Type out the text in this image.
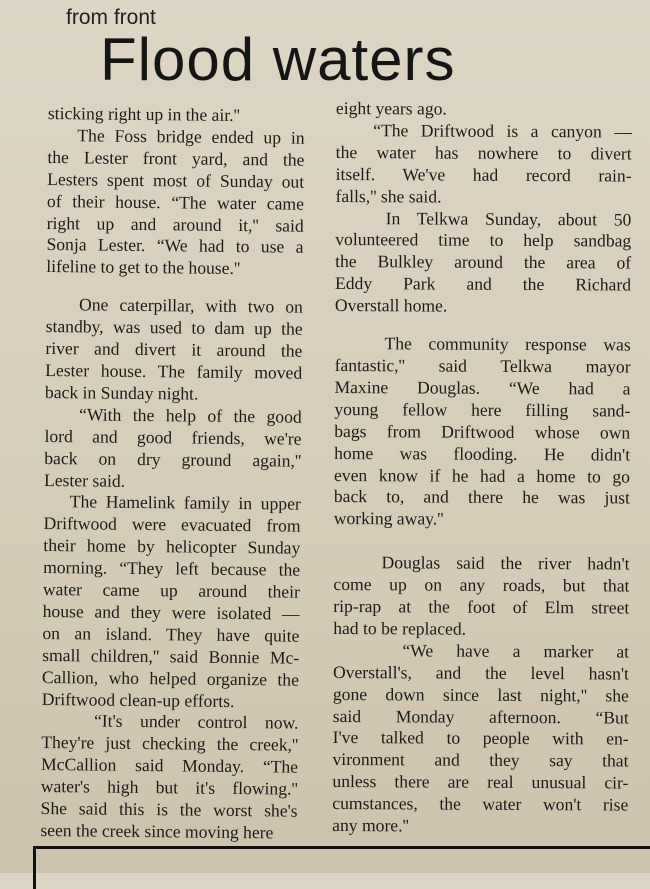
from front
Flood waters

sticking right up in the air.''

The Foss bridge ended up in

the Lester front yard, and the

Lesters spent most of Sunday out

of their house. “The water came

right up and around it,'' said

Sonja Lester. “We had to use a

lifeline to get to the house.''

One caterpillar, with two on

standby, was used to dam up the

river and divert it around the

Lester house. The family moved

back in Sunday night.

“With the help of the good

lord and good friends, we're

back on dry ground again,''

Lester said.

The Hamelink family in upper

Driftwood were evacuated from

their home by helicopter Sunday

morning. “They left because the

water came up around their

house and they were isolated —

on an island. They have quite

small children,'' said Bonnie Mc-

Callion, who helped organize the

Driftwood clean-up efforts.

“It's under control now.

They're just checking the creek,''

McCallion said Monday. “The

water's high but it's flowing.''

She said this is the worst she's

seen the creek since moving here

eight years ago.

“The Driftwood is a canyon —

the water has nowhere to divert

itself. We've had record rain-

falls,'' she said.

In Telkwa Sunday, about 50

volunteered time to help sandbag

the Bulkley around the area of

Eddy Park and the Richard

Overstall home.

The community response was

fantastic,'' said Telkwa mayor

Maxine Douglas. “We had a

young fellow here filling sand-

bags from Driftwood whose own

home was flooding. He didn't

even know if he had a home to go

back to, and there he was just

working away.''

Douglas said the river hadn't

come up on any roads, but that

rip-rap at the foot of Elm street

had to be replaced.

“We have a marker at

Overstall's, and the level hasn't

gone down since last night,'' she

said Monday afternoon. “But

I've talked to people with en-

vironment and they say that

unless there are real unusual cir-

cumstances, the water won't rise

any more.''
